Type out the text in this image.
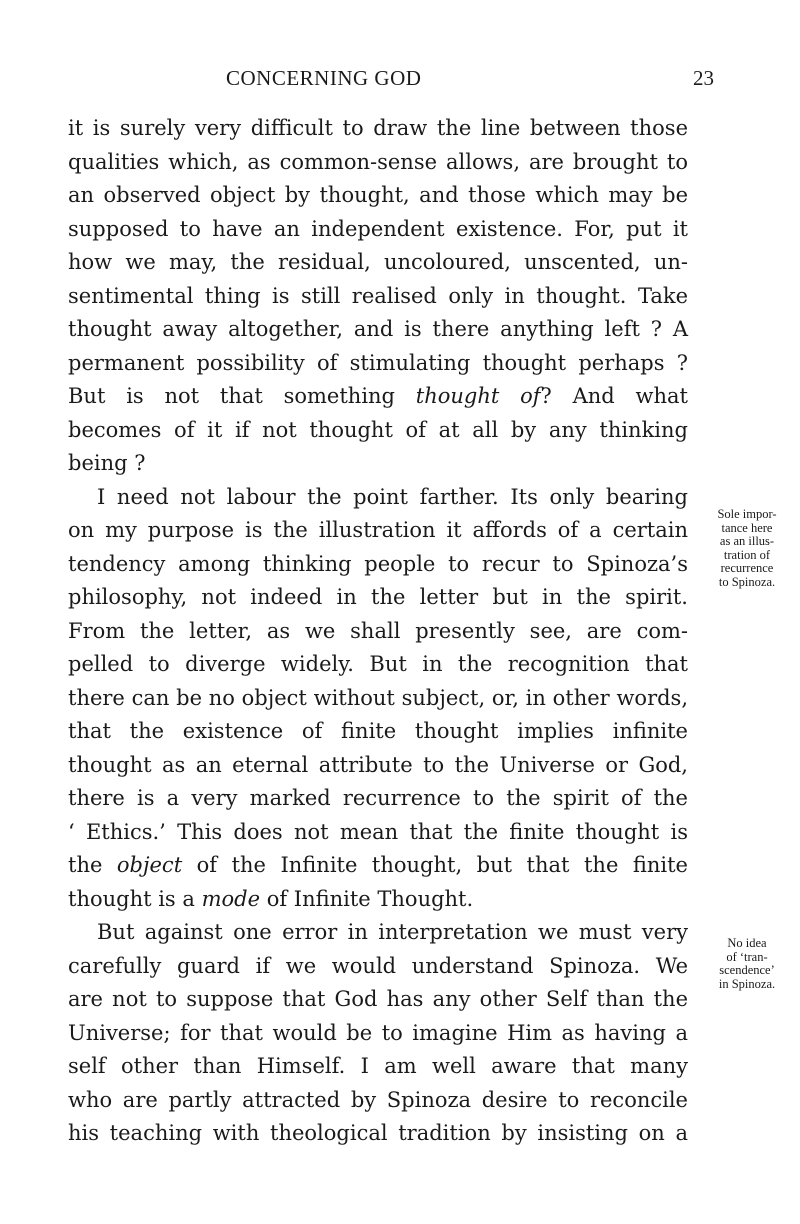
CONCERNING GOD	23
it is surely very difficult to draw the line between those
qualities which, as common-sense allows, are brought to
an observed object by thought, and those which may be
supposed to have an independent existence. For, put it
how we may, the residual, uncoloured, unscented, un-
sentimental thing is still realised only in thought. Take
thought away altogether, and is there anything left ? A
permanent possibility of stimulating thought perhaps ?
But is not that something thought of? And what
becomes of it if not thought of at all by any thinking
being ?
I need not labour the point farther. Its only bearing
on my purpose is the illustration it affords of a certain
tendency among thinking people to recur to Spinoza’s
philosophy, not indeed in the letter but in the spirit.
From the letter, as we shall presently see, are com-
pelled to diverge widely. But in the recognition that
there can be no object without subject, or, in other words,
that the existence of finite thought implies infinite
thought as an eternal attribute to the Universe or God,
there is a very marked recurrence to the spirit of the
‘ Ethics.’ This does not mean that the finite thought is
the object of the Infinite thought, but that the finite
thought is a mode of Infinite Thought.
But against one error in interpretation we must very
carefully guard if we would understand Spinoza. We
are not to suppose that God has any other Self than the
Universe; for that would be to imagine Him as having a
self other than Himself. I am well aware that many
who are partly attracted by Spinoza desire to reconcile
his teaching with theological tradition by insisting on a
Sole impor-
tance here
as an illus-
tration of
recurrence
to Spinoza.
No idea
of ‘tran-
scendence’
in Spinoza.
